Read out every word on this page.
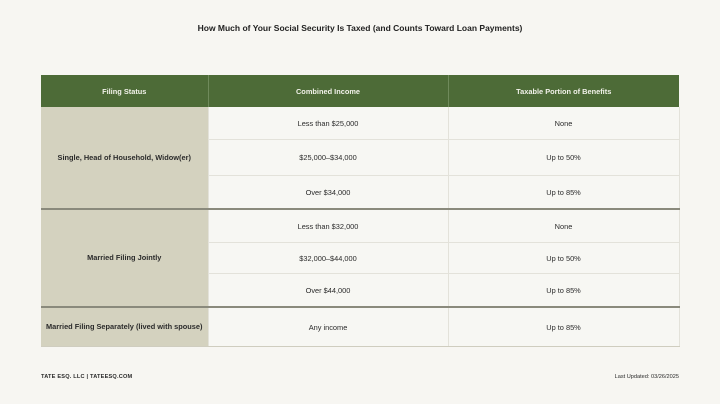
How Much of Your Social Security Is Taxed (and Counts Toward Loan Payments)
Filing Status	Combined Income	Taxable Portion of Benefits
Single, Head of Household, Widow(er)	Less than $25,000	None
	$25,000–$34,000	Up to 50%
	Over $34,000	Up to 85%
Married Filing Jointly	Less than $32,000	None
	$32,000–$44,000	Up to 50%
	Over $44,000	Up to 85%
Married Filing Separately (lived with spouse)	Any income	Up to 85%
TATE ESQ. LLC | TATEESQ.COM	Last Updated: 03/26/2025
